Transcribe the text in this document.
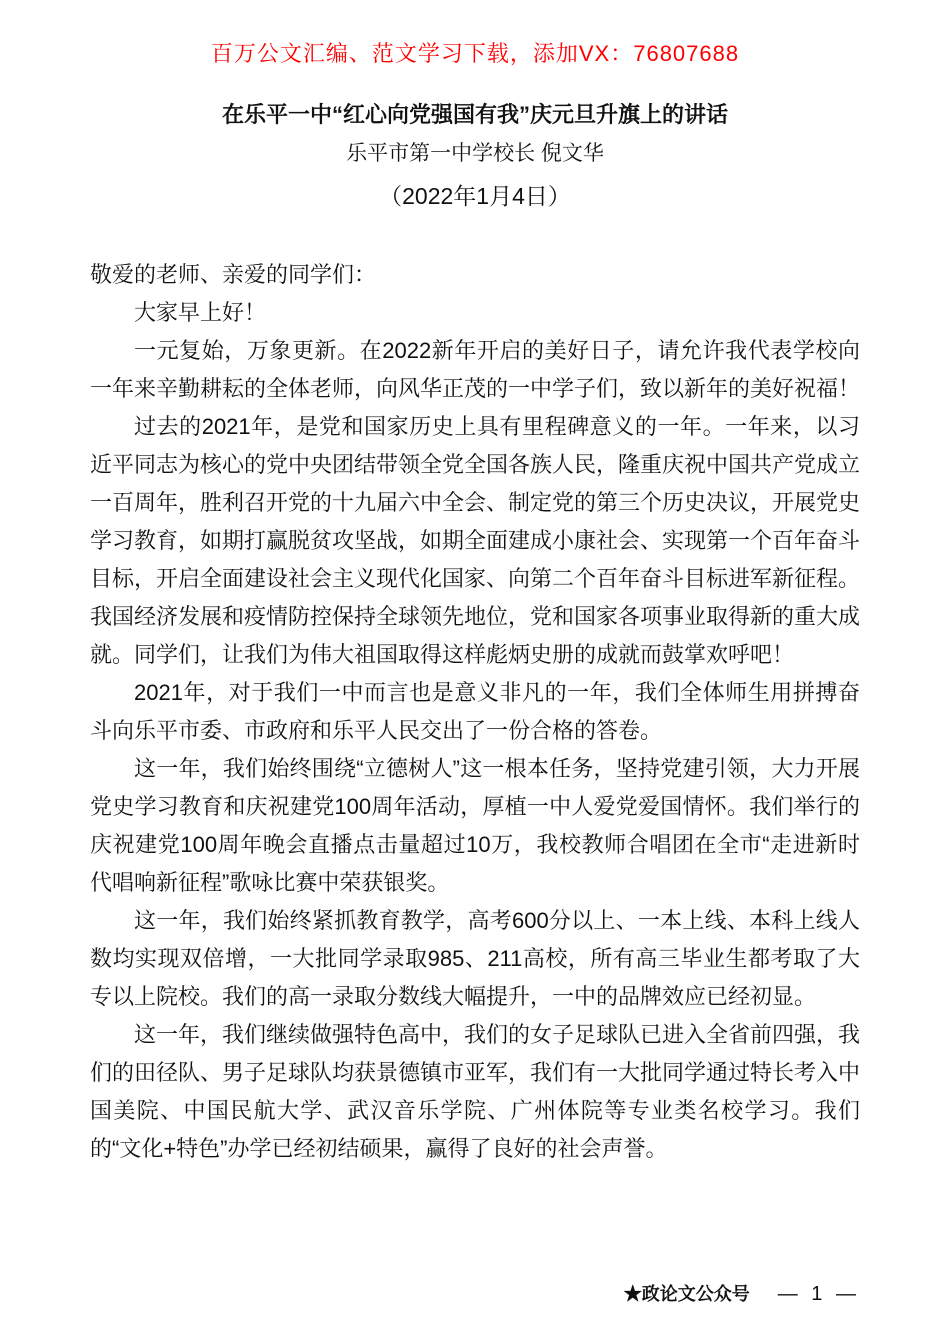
百万公文汇编、范文学习下载，添加VX：76807688
在乐平一中“红心向党强国有我”庆元旦升旗上的讲话
乐平市第一中学校长 倪文华
（2022年1月4日）

敬爱的老师、亲爱的同学们：

大家早上好！

一元复始，万象更新。在2022新年开启的美好日子，请允许我代表学校向一年来辛勤耕耘的全体老师，向风华正茂的一中学子们，致以新年的美好祝福！

过去的2021年，是党和国家历史上具有里程碑意义的一年。一年来，以习近平同志为核心的党中央团结带领全党全国各族人民，隆重庆祝中国共产党成立一百周年，胜利召开党的十九届六中全会、制定党的第三个历史决议，开展党史学习教育，如期打赢脱贫攻坚战，如期全面建成小康社会、实现第一个百年奋斗目标，开启全面建设社会主义现代化国家、向第二个百年奋斗目标进军新征程。我国经济发展和疫情防控保持全球领先地位，党和国家各项事业取得新的重大成就。同学们，让我们为伟大祖国取得这样彪炳史册的成就而鼓掌欢呼吧！

2021年，对于我们一中而言也是意义非凡的一年，我们全体师生用拼搏奋斗向乐平市委、市政府和乐平人民交出了一份合格的答卷。

这一年，我们始终围绕“立德树人”这一根本任务，坚持党建引领，大力开展党史学习教育和庆祝建党100周年活动，厚植一中人爱党爱国情怀。我们举行的庆祝建党100周年晚会直播点击量超过10万，我校教师合唱团在全市“走进新时代唱响新征程”歌咏比赛中荣获银奖。

这一年，我们始终紧抓教育教学，高考600分以上、一本上线、本科上线人数均实现双倍增，一大批同学录取985、211高校，所有高三毕业生都考取了大专以上院校。我们的高一录取分数线大幅提升，一中的品牌效应已经初显。

这一年，我们继续做强特色高中，我们的女子足球队已进入全省前四强，我们的田径队、男子足球队均获景德镇市亚军，我们有一大批同学通过特长考入中国美院、中国民航大学、武汉音乐学院、广州体院等专业类名校学习。我们的“文化+特色”办学已经初结硕果，赢得了良好的社会声誉。

★政论文公众号 — 1 —
